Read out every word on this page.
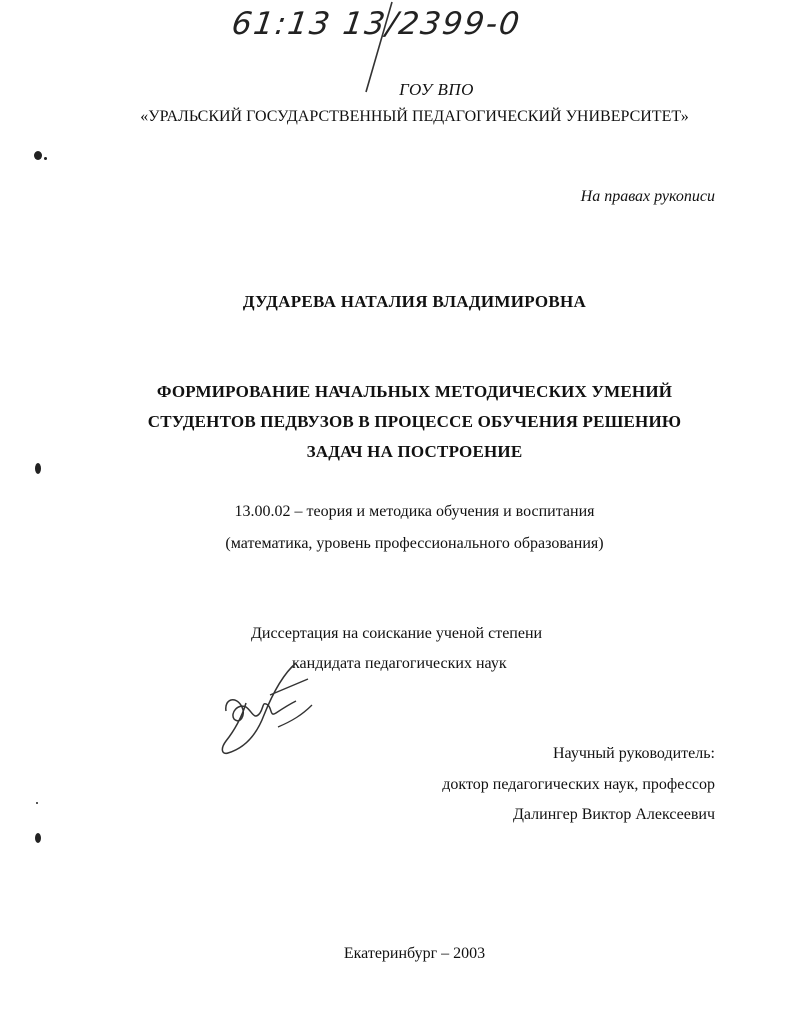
61:13 13/2399-0
ГОУ ВПО
«УРАЛЬСКИЙ ГОСУДАРСТВЕННЫЙ ПЕДАГОГИЧЕСКИЙ УНИВЕРСИТЕТ»
На правах рукописи
ДУДАРЕВА НАТАЛИЯ ВЛАДИМИРОВНА
ФОРМИРОВАНИЕ НАЧАЛЬНЫХ МЕТОДИЧЕСКИХ УМЕНИЙ
СТУДЕНТОВ ПЕДВУЗОВ В ПРОЦЕССЕ ОБУЧЕНИЯ РЕШЕНИЮ
ЗАДАЧ НА ПОСТРОЕНИЕ
13.00.02 – теория и методика обучения и воспитания
(математика, уровень профессионального образования)
Диссертация на соискание ученой степени
кандидата педагогических наук
Научный руководитель:
доктор педагогических наук, профессор
Далингер Виктор Алексеевич
Екатеринбург – 2003
